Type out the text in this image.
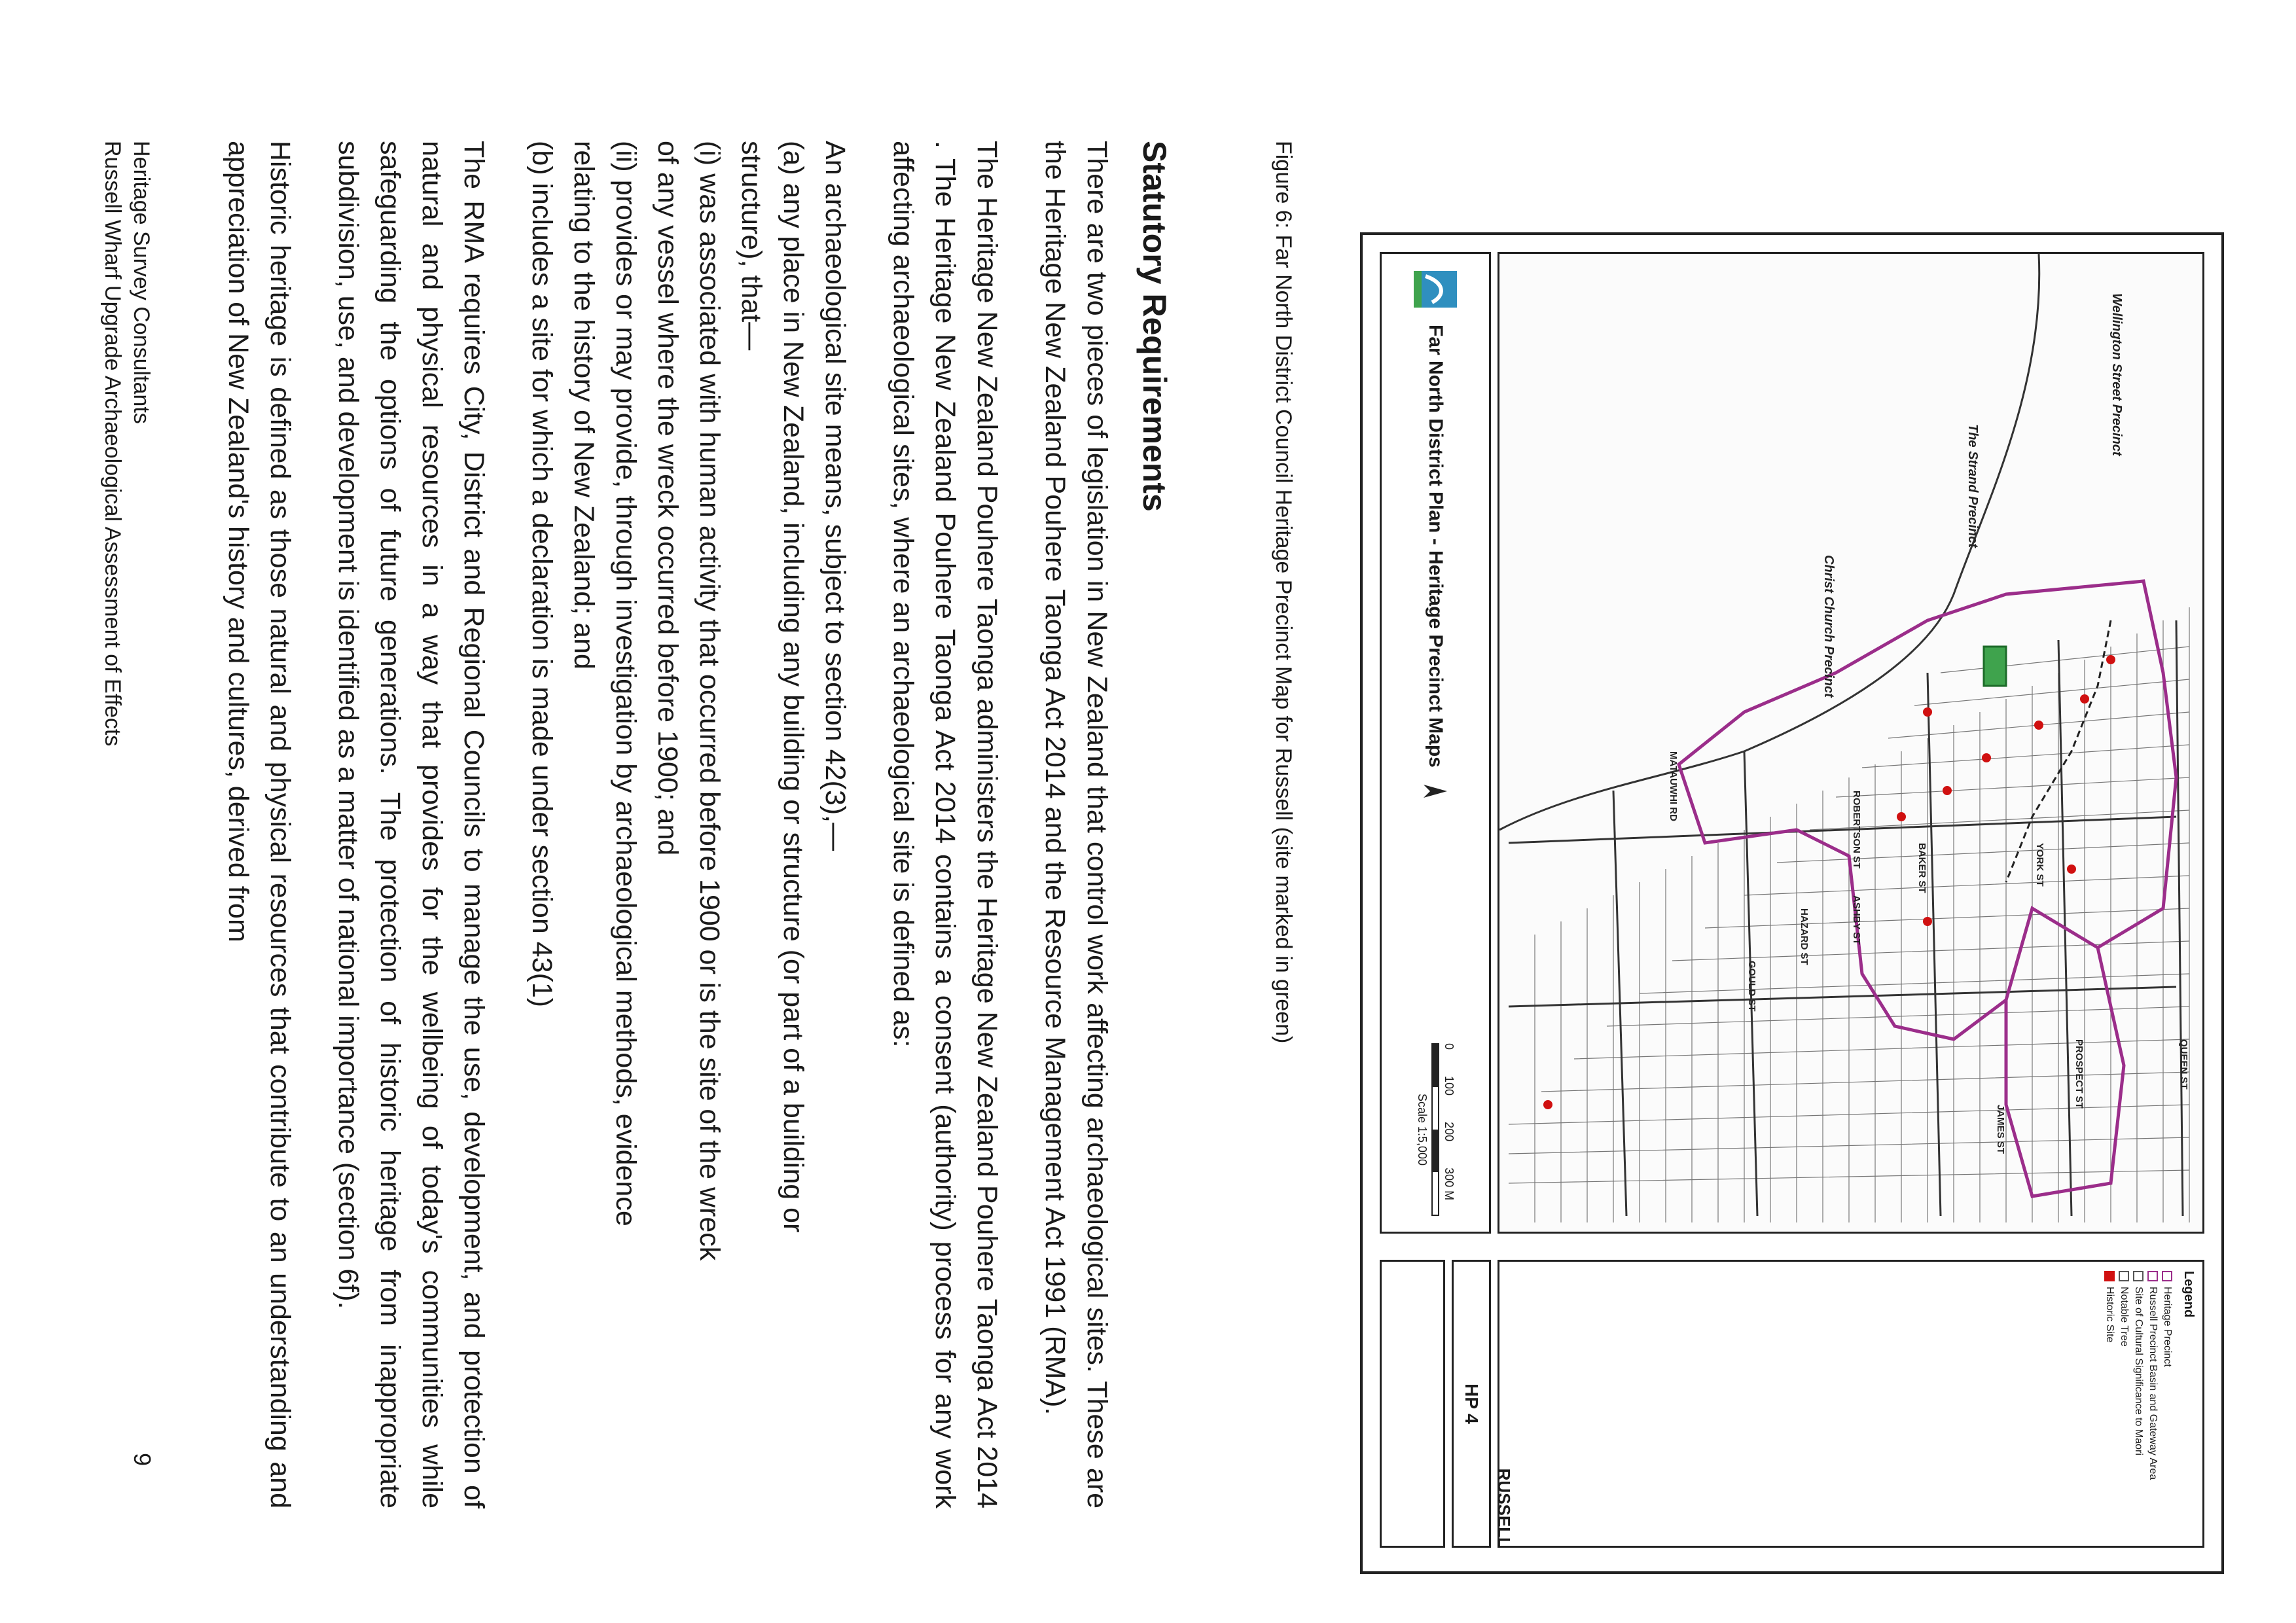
Wellington Street Precinct
The Strand Precinct
Christ Church Precinct
QUEEN ST
PROSPECT ST
JAMES ST
YORK ST
BAKER ST
ROBERTSON ST
ASHBY ST
HAZARD ST
GOULD ST
MATAUWHI RD
Legend
Heritage Precinct
Russell Precinct Basin and Gateway Area
Site of Cultural Significance to Maori
Notable Tree
Historic Site
HP 4
Far North District Plan - Heritage Precinct Maps
0
100
200
300 M
Scale 1:5,000
RUSSELL
Figure 6: Far North District Council Heritage Precinct Map for Russell (site marked in green)
Statutory Requirements

There are two pieces of legislation in New Zealand that control work affecting archaeological sites. These are the Heritage New Zealand Pouhere Taonga Act 2014 and the Resource Management Act 1991 (RMA).

The Heritage New Zealand Pouhere Taonga administers the Heritage New Zealand Pouhere Taonga Act 2014 . The Heritage New Zealand Pouhere Taonga Act 2014 contains a consent (authority) process for any work affecting archaeological sites, where an archaeological site is defined as:

An archaeological site means, subject to section 42(3),—

(a) any place in New Zealand, including any building or structure (or part of a building or

structure), that—

(i) was associated with human activity that occurred before 1900 or is the site of the wreck

of any vessel where the wreck occurred before 1900; and

(ii) provides or may provide, through investigation by archaeological methods, evidence

relating to the history of New Zealand; and

(b) includes a site for which a declaration is made under section 43(1)

The RMA requires City, District and Regional Councils to manage the use, development, and protection of natural and physical resources in a way that provides for the wellbeing of today's communities while safeguarding the options of future generations. The protection of historic heritage from inappropriate subdivision, use, and development is identified as a matter of national importance (section 6f).

Historic heritage is defined as those natural and physical resources that contribute to an understanding and appreciation of New Zealand's history and cultures, derived from

Heritage Survey Consultants
Russell Wharf Upgrade Archaeological Assessment of Effects
9
